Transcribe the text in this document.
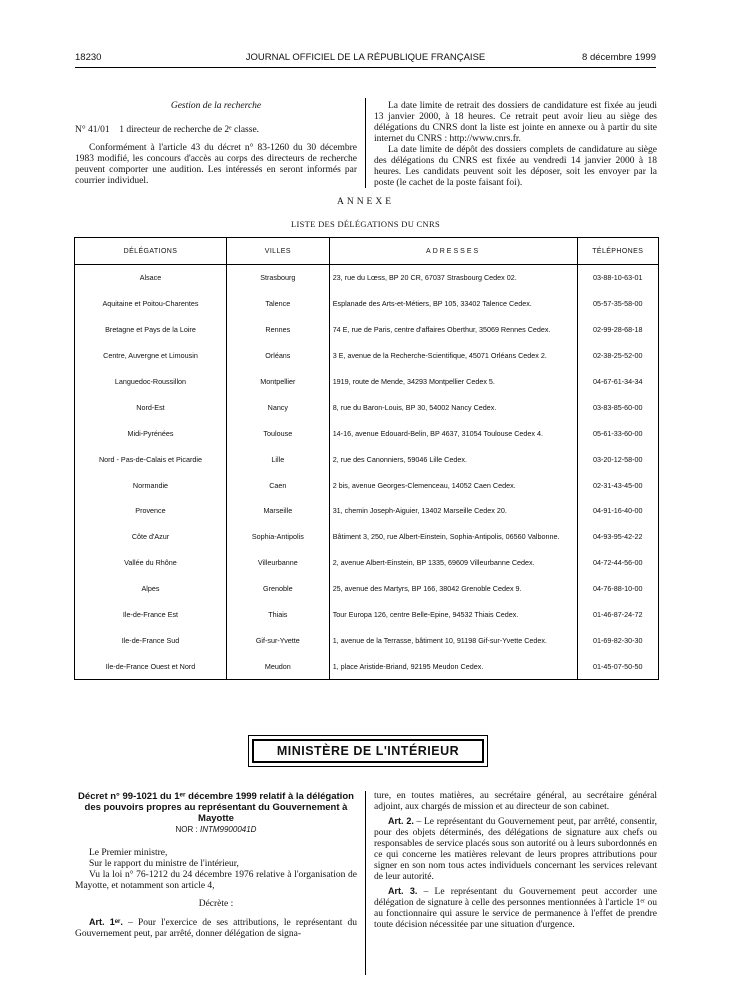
18230	JOURNAL OFFICIEL DE LA RÉPUBLIQUE FRANÇAISE	8 décembre 1999

Gestion de la recherche

N° 41/01 1 directeur de recherche de 2ᵉ classe.

Conformément à l'article 43 du décret n° 83-1260 du 30 décembre 1983 modifié, les concours d'accès au corps des directeurs de recherche peuvent comporter une audition. Les intéressés en seront informés par courrier individuel.

La date limite de retrait des dossiers de candidature est fixée au jeudi 13 janvier 2000, à 18 heures. Ce retrait peut avoir lieu au siège des délégations du CNRS dont la liste est jointe en annexe ou à partir du site internet du CNRS : http://www.cnrs.fr.

La date limite de dépôt des dossiers complets de candidature au siège des délégations du CNRS est fixée au vendredi 14 janvier 2000 à 18 heures. Les candidats peuvent soit les déposer, soit les envoyer par la poste (le cachet de la poste faisant foi).

ANNEXE
LISTE DES DÉLÉGATIONS DU CNRS
DÉLÉGATIONS	VILLES	ADRESSES	TÉLÉPHONES
Alsace	Strasbourg	23, rue du Lœss, BP 20 CR, 67037 Strasbourg Cedex 02.	03-88-10-63-01
Aquitaine et Poitou-Charentes	Talence	Esplanade des Arts-et-Métiers, BP 105, 33402 Talence Cedex.	05-57-35-58-00
Bretagne et Pays de la Loire	Rennes	74 E, rue de Paris, centre d'affaires Oberthur, 35069 Rennes Cedex.	02-99-28-68-18
Centre, Auvergne et Limousin	Orléans	3 E, avenue de la Recherche-Scientifique, 45071 Orléans Cedex 2.	02-38-25-52-00
Languedoc-Roussillon	Montpellier	1919, route de Mende, 34293 Montpellier Cedex 5.	04-67-61-34-34
Nord-Est	Nancy	8, rue du Baron-Louis, BP 30, 54002 Nancy Cedex.	03-83-85-60-00
Midi-Pyrénées	Toulouse	14-16, avenue Edouard-Belin, BP 4637, 31054 Toulouse Cedex 4.	05-61-33-60-00
Nord - Pas-de-Calais et Picardie	Lille	2, rue des Canonniers, 59046 Lille Cedex.	03-20-12-58-00
Normandie	Caen	2 bis, avenue Georges-Clemenceau, 14052 Caen Cedex.	02-31-43-45-00
Provence	Marseille	31, chemin Joseph-Aiguier, 13402 Marseille Cedex 20.	04-91-16-40-00
Côte d'Azur	Sophia-Antipolis	Bâtiment 3, 250, rue Albert-Einstein, Sophia-Antipolis, 06560 Valbonne.	04-93-95-42-22
Vallée du Rhône	Villeurbanne	2, avenue Albert-Einstein, BP 1335, 69609 Villeurbanne Cedex.	04-72-44-56-00
Alpes	Grenoble	25, avenue des Martyrs, BP 166, 38042 Grenoble Cedex 9.	04-76-88-10-00
Ile-de-France Est	Thiais	Tour Europa 126, centre Belle-Epine, 94532 Thiais Cedex.	01-46-87-24-72
Ile-de-France Sud	Gif-sur-Yvette	1, avenue de la Terrasse, bâtiment 10, 91198 Gif-sur-Yvette Cedex.	01-69-82-30-30
Ile-de-France Ouest et Nord	Meudon	1, place Aristide-Briand, 92195 Meudon Cedex.	01-45-07-50-50
MINISTÈRE DE L'INTÉRIEUR

Décret n° 99-1021 du 1ᵉʳ décembre 1999 relatif à la délégation des pouvoirs propres au représentant du Gouvernement à Mayotte

NOR : INTM9900041D

Le Premier ministre,

Sur le rapport du ministre de l'intérieur,

Vu la loi n° 76-1212 du 24 décembre 1976 relative à l'organisation de Mayotte, et notamment son article 4,

Décrète :

Art. 1ᵉʳ. – Pour l'exercice de ses attributions, le représentant du Gouvernement peut, par arrêté, donner délégation de signa-

ture, en toutes matières, au secrétaire général, au secrétaire général adjoint, aux chargés de mission et au directeur de son cabinet.

Art. 2. – Le représentant du Gouvernement peut, par arrêté, consentir, pour des objets déterminés, des délégations de signature aux chefs ou responsables de service placés sous son autorité ou à leurs subordonnés en ce qui concerne les matières relevant de leurs propres attributions pour signer en son nom tous actes individuels concernant les services relevant de leur autorité.

Art. 3. – Le représentant du Gouvernement peut accorder une délégation de signature à celle des personnes mentionnées à l'article 1ᵉʳ ou au fonctionnaire qui assure le service de permanence à l'effet de prendre toute décision nécessitée par une situation d'urgence.
